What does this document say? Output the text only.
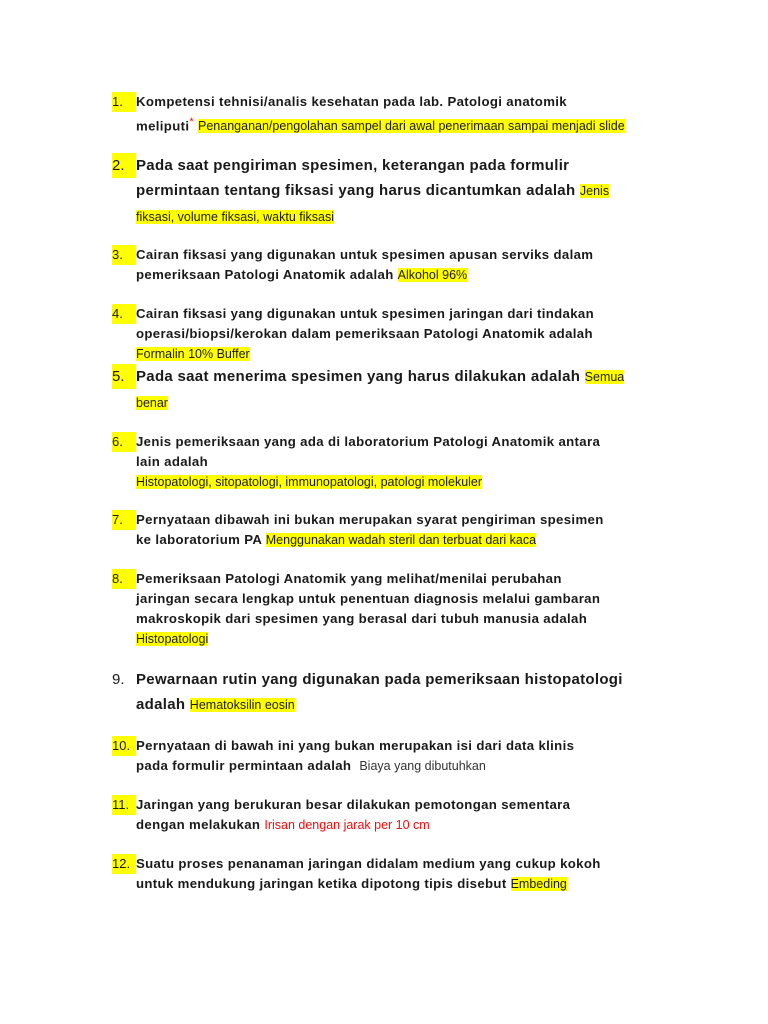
1. Kompetensi tehnisi/analis kesehatan pada lab. Patologi anatomik
meliputi* Penanganan/pengolahan sampel dari awal penerimaan sampai menjadi slide
2. Pada saat pengiriman spesimen, keterangan pada formulir
permintaan tentang fiksasi yang harus dicantumkan adalah Jenis
fiksasi, volume fiksasi, waktu fiksasi
3. Cairan fiksasi yang digunakan untuk spesimen apusan serviks dalam
pemeriksaan Patologi Anatomik adalah Alkohol 96%
4. Cairan fiksasi yang digunakan untuk spesimen jaringan dari tindakan
operasi/biopsi/kerokan dalam pemeriksaan Patologi Anatomik adalah
Formalin 10% Buffer
5. Pada saat menerima spesimen yang harus dilakukan adalah Semua
benar
6. Jenis pemeriksaan yang ada di laboratorium Patologi Anatomik antara
lain adalah
Histopatologi, sitopatologi, immunopatologi, patologi molekuler
7. Pernyataan dibawah ini bukan merupakan syarat pengiriman spesimen
ke laboratorium PA Menggunakan wadah steril dan terbuat dari kaca
8. Pemeriksaan Patologi Anatomik yang melihat/menilai perubahan
jaringan secara lengkap untuk penentuan diagnosis melalui gambaran
makroskopik dari spesimen yang berasal dari tubuh manusia adalah
Histopatologi
9. Pewarnaan rutin yang digunakan pada pemeriksaan histopatologi
adalah Hematoksilin eosin
10. Pernyataan di bawah ini yang bukan merupakan isi dari data klinis
pada formulir permintaan adalah Biaya yang dibutuhkan
11. Jaringan yang berukuran besar dilakukan pemotongan sementara
dengan melakukan Irisan dengan jarak per 10 cm
12. Suatu proses penanaman jaringan didalam medium yang cukup kokoh
untuk mendukung jaringan ketika dipotong tipis disebut Embeding
